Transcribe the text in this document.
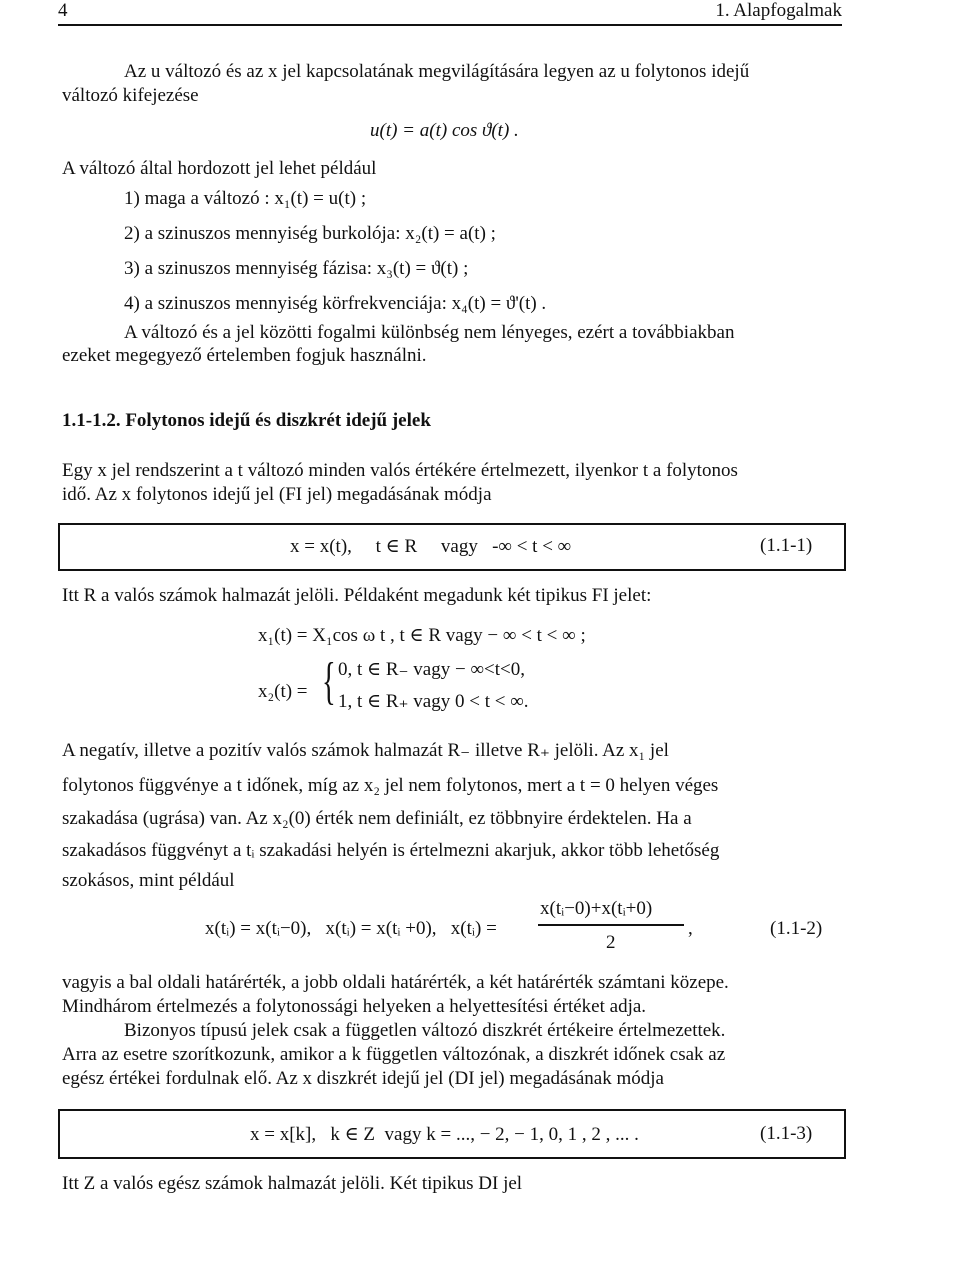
4	1. Alapfogalmak
Az u változó és az x jel kapcsolatának megvilágítására legyen az u folytonos idejű
változó kifejezése
u(t) = a(t) cos ϑ(t) .
A változó által hordozott jel lehet például
1) maga a változó : x₁(t) = u(t) ;
2) a szinuszos mennyiség burkolója: x₂(t) = a(t) ;
3) a szinuszos mennyiség fázisa: x₃(t) = ϑ(t) ;
4) a szinuszos mennyiség körfrekvenciája: x₄(t) = ϑ'(t) .
A változó és a jel közötti fogalmi különbség nem lényeges, ezért a továbbiakban
ezeket megegyező értelemben fogjuk használni.
1.1-1.2. Folytonos idejű és diszkrét idejű jelek
Egy x jel rendszerint a t változó minden valós értékére értelmezett, ilyenkor t a folytonos
idő. Az x folytonos idejű jel (FI jel) megadásának módja
x = x(t),     t ∈ R     vagy   -∞ < t < ∞	(1.1-1)
Itt R a valós számok halmazát jelöli. Példaként megadunk két tipikus FI jelet:
x₁(t) = X₁cos ω t , t ∈ R vagy − ∞ < t < ∞ ;
x₂(t) = { 0, t ∈ R₋ vagy − ∞<t<0,
1, t ∈ R₊ vagy 0 < t < ∞.
A negatív, illetve a pozitív valós számok halmazát R₋ illetve R₊ jelöli. Az x₁ jel
folytonos függvénye a t időnek, míg az x₂ jel nem folytonos, mert a t = 0 helyen véges
szakadása (ugrása) van. Az x₂(0) érték nem definiált, ez többnyire érdektelen. Ha a
szakadásos függvényt a tᵢ szakadási helyén is értelmezni akarjuk, akkor több lehetőség
szokásos, mint például
x(tᵢ) = x(tᵢ−0),   x(tᵢ) = x(tᵢ +0),   x(tᵢ) =
x(tᵢ−0)+x(tᵢ+0)
2
,	(1.1-2)
vagyis a bal oldali határérték, a jobb oldali határérték, a két határérték számtani közepe.
Mindhárom értelmezés a folytonossági helyeken a helyettesítési értéket adja.
Bizonyos típusú jelek csak a független változó diszkrét értékeire értelmezettek.
Arra az esetre szorítkozunk, amikor a k független változónak, a diszkrét időnek csak az
egész értékei fordulnak elő. Az x diszkrét idejű jel (DI jel) megadásának módja
x = x[k],   k ∈ Z  vagy k = ..., − 2, − 1, 0, 1 , 2 , ... .	(1.1-3)
Itt Z a valós egész számok halmazát jelöli. Két tipikus DI jel
